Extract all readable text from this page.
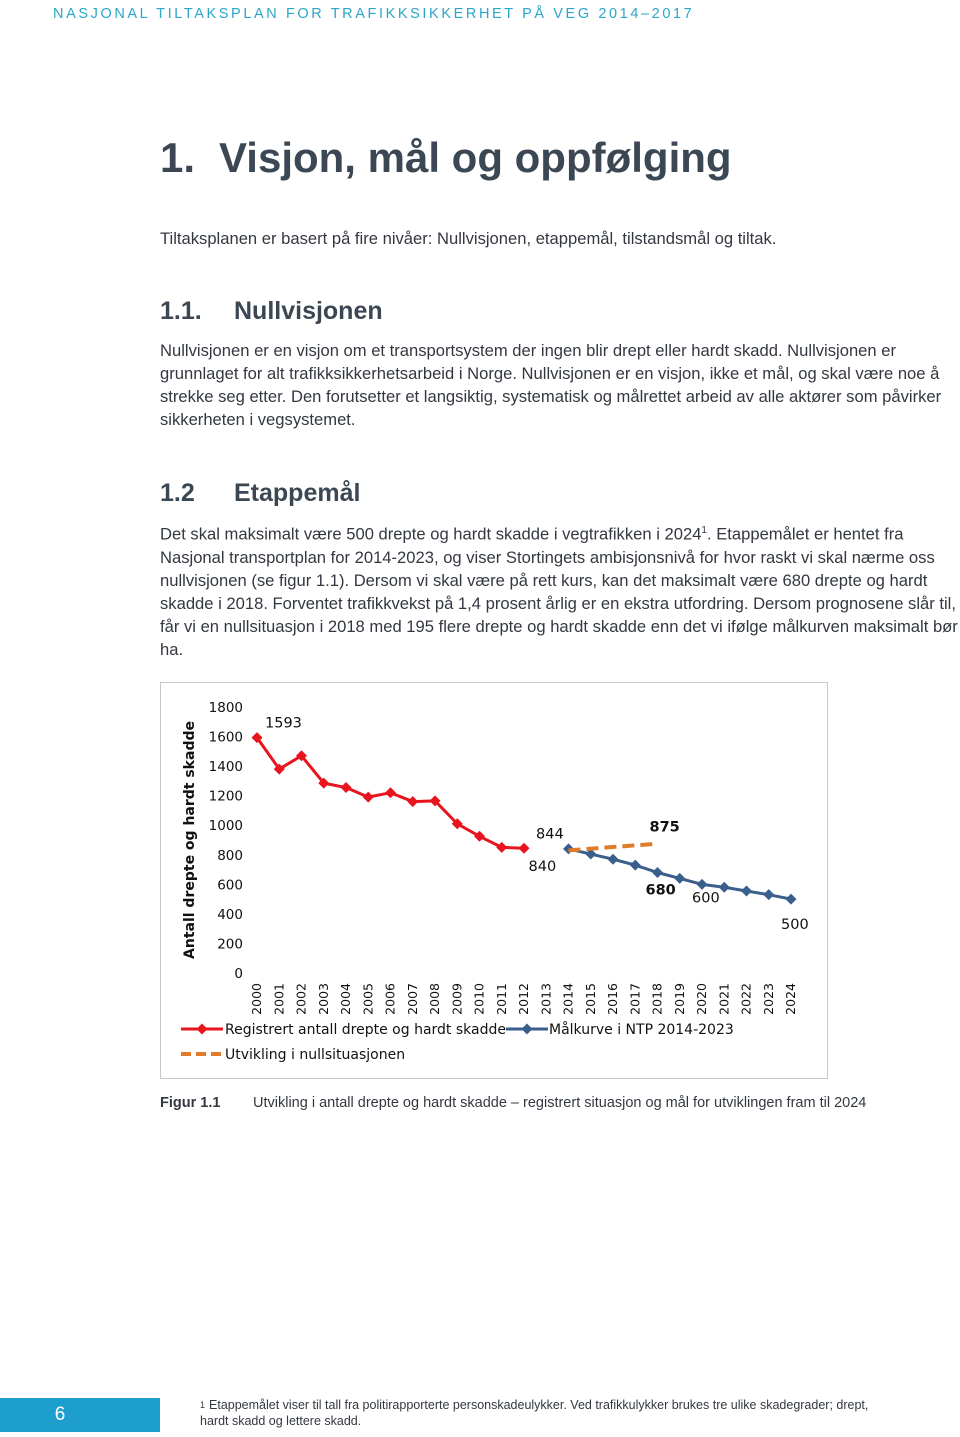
NASJONAL TILTAKSPLAN FOR TRAFIKKSIKKERHET PÅ VEG 2014–2017
1. Visjon, mål og oppfølging

Tiltaksplanen er basert på fire nivåer: Nullvisjonen, etappemål, tilstandsmål og tiltak.

1.1. Nullvisjonen

Nullvisjonen er en visjon om et transportsystem der ingen blir drept eller hardt skadd. Nullvisjonen er grunnlaget for alt trafikksikkerhetsarbeid i Norge. Nullvisjonen er en visjon, ikke et mål, og skal være noe å strekke seg etter. Den forutsetter et langsiktig, systematisk og målrettet arbeid av alle aktører som påvirker sikkerheten i vegsystemet.

1.2 Etappemål

Det skal maksimalt være 500 drepte og hardt skadde i vegtrafikken i 2024$^1$. Etappemålet er hentet fra Nasjonal transportplan for 2014-2023, og viser Stortingets ambisjonsnivå for hvor raskt vi skal nærme oss nullvisjonen (se figur 1.1). Dersom vi skal være på rett kurs, kan det maksimalt være 680 drepte og hardt skadde i 2018. Forventet trafikkvekst på 1,4 prosent årlig er en ekstra utfordring. Dersom prognosene slår til, får vi en nullsituasjon i 2018 med 195 flere drepte og hardt skadde enn det vi ifølge målkurven maksimalt bør ha.

Antall drepte og hardt skadde
0
200
400
600
800
1000
1200
1400
1600
1800
2000 2001 2002 2003 2004 2005 2006 2007 2008 2009 2010 2011 2012 2013 2014 2015 2016 2017 2018 2019 2020 2021 2022 2023 2024
1593
844
840
875
680 600
500
Registrert antall drepte og hardt skadde	Målkurve i NTP 2014-2023
Utvikling i nullsituasjonen
Figur 1.1 Utvikling i antall drepte og hardt skadde – registrert situasjon og mål for utviklingen fram til 2024

6	$^1$ Etappemålet viser til tall fra politirapporterte personskadeulykker. Ved trafikkulykker brukes tre ulike skadegrader; drept, hardt skadd og lettere skadd.
